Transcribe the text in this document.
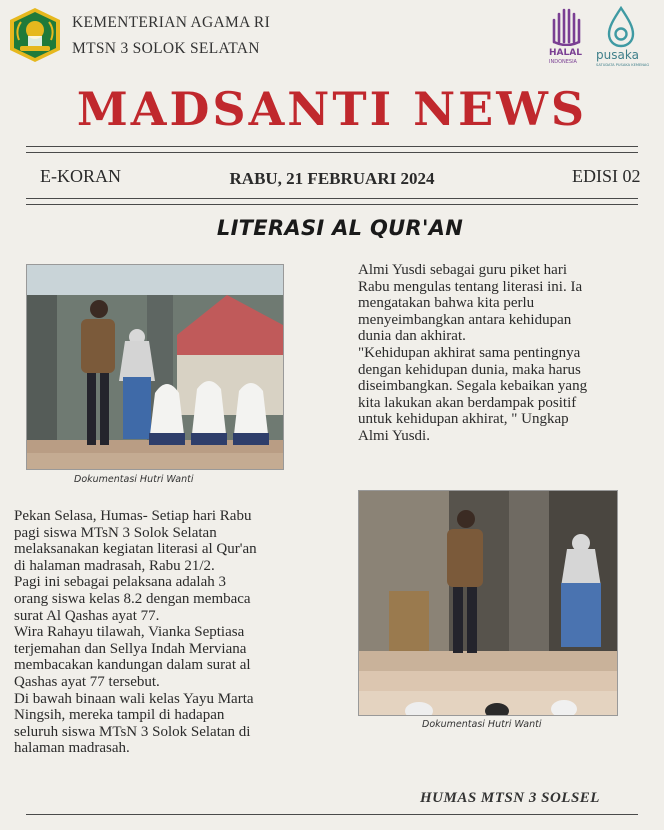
KEMENTERIAN AGAMA RI
MTSN 3 SOLOK SELATAN	HALAL
INDONESIA pusaka
SATUDATA PUSAKA KEMENAG
MADSANTI NEWS
E-KORAN	RABU, 21 FEBRUARI 2024	EDISI 02
LITERASI AL QUR'AN
Dokumentasi Hutri Wanti

Almi Yusdi sebagai guru piket hari

Rabu mengulas tentang literasi ini. Ia

mengatakan bahwa kita perlu

menyeimbangkan antara kehidupan

dunia dan akhirat.

"Kehidupan akhirat sama pentingnya

dengan kehidupan dunia, maka harus

diseimbangkan. Segala kebaikan yang

kita lakukan akan berdampak positif

untuk kehidupan akhirat, " Ungkap

Almi Yusdi.

Pekan Selasa, Humas- Setiap hari Rabu

pagi siswa MTsN 3 Solok Selatan

melaksanakan kegiatan literasi al Qur'an

di halaman madrasah, Rabu 21/2.

Pagi ini sebagai pelaksana adalah 3

orang siswa kelas 8.2 dengan membaca

surat Al Qashas ayat 77.

Wira Rahayu tilawah, Vianka Septiasa

terjemahan dan Sellya Indah Merviana

membacakan kandungan dalam surat al

Qashas ayat 77 tersebut.

Di bawah binaan wali kelas Yayu Marta

Ningsih, mereka tampil di hadapan

seluruh siswa MTsN 3 Solok Selatan di

halaman madrasah.

Dokumentasi Hutri Wanti
HUMAS MTSN 3 SOLSEL
